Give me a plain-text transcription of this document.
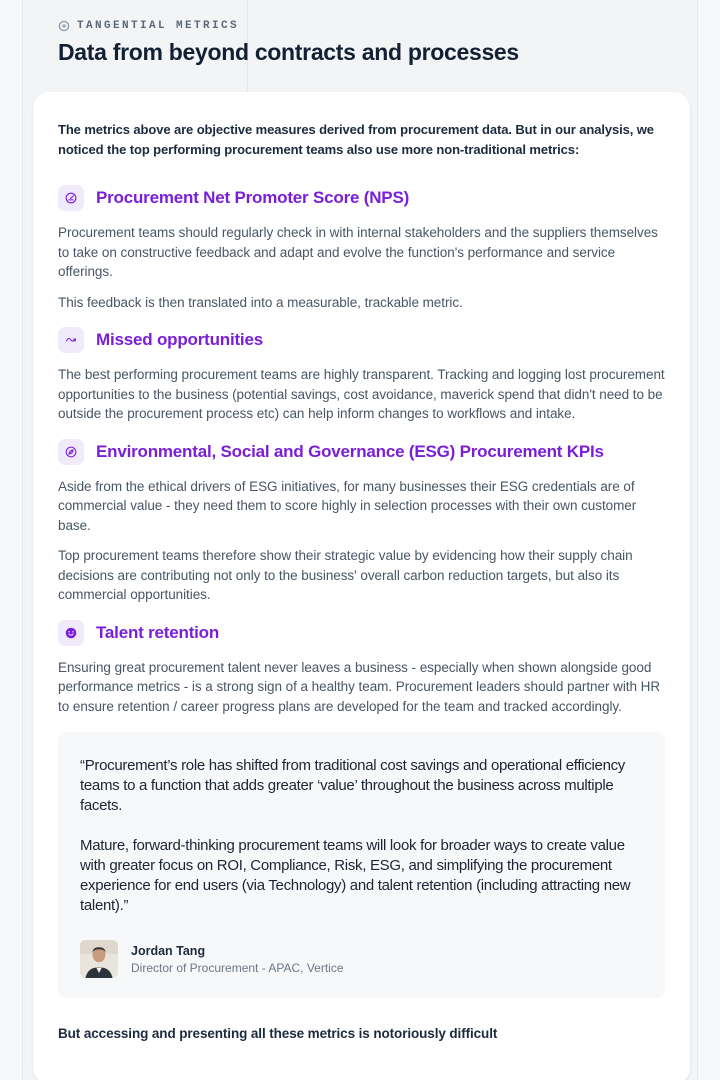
TANGENTIAL METRICS
Data from beyond contracts and processes

The metrics above are objective measures derived from procurement data. But in our analysis, we noticed the top performing procurement teams also use more non-traditional metrics:

Procurement Net Promoter Score (NPS)

Procurement teams should regularly check in with internal stakeholders and the suppliers themselves to take on constructive feedback and adapt and evolve the function's performance and service offerings.

This feedback is then translated into a measurable, trackable metric.

Missed opportunities

The best performing procurement teams are highly transparent. Tracking and logging lost procurement opportunities to the business (potential savings, cost avoidance, maverick spend that didn't need to be outside the procurement process etc) can help inform changes to workflows and intake.

Environmental, Social and Governance (ESG) Procurement KPIs

Aside from the ethical drivers of ESG initiatives, for many businesses their ESG credentials are of commercial value - they need them to score highly in selection processes with their own customer base.

Top procurement teams therefore show their strategic value by evidencing how their supply chain decisions are contributing not only to the business' overall carbon reduction targets, but also its commercial opportunities.

Talent retention

Ensuring great procurement talent never leaves a business - especially when shown alongside good performance metrics - is a strong sign of a healthy team. Procurement leaders should partner with HR to ensure retention / career progress plans are developed for the team and tracked accordingly.

“Procurement’s role has shifted from traditional cost savings and operational efficiency teams to a function that adds greater ‘value’ throughout the business across multiple facets.

Mature, forward-thinking procurement teams will look for broader ways to create value with greater focus on ROI, Compliance, Risk, ESG, and simplifying the procurement experience for end users (via Technology) and talent retention (including attracting new talent).”

Jordan Tang
Director of Procurement - APAC, Vertice

But accessing and presenting all these metrics is notoriously difficult
